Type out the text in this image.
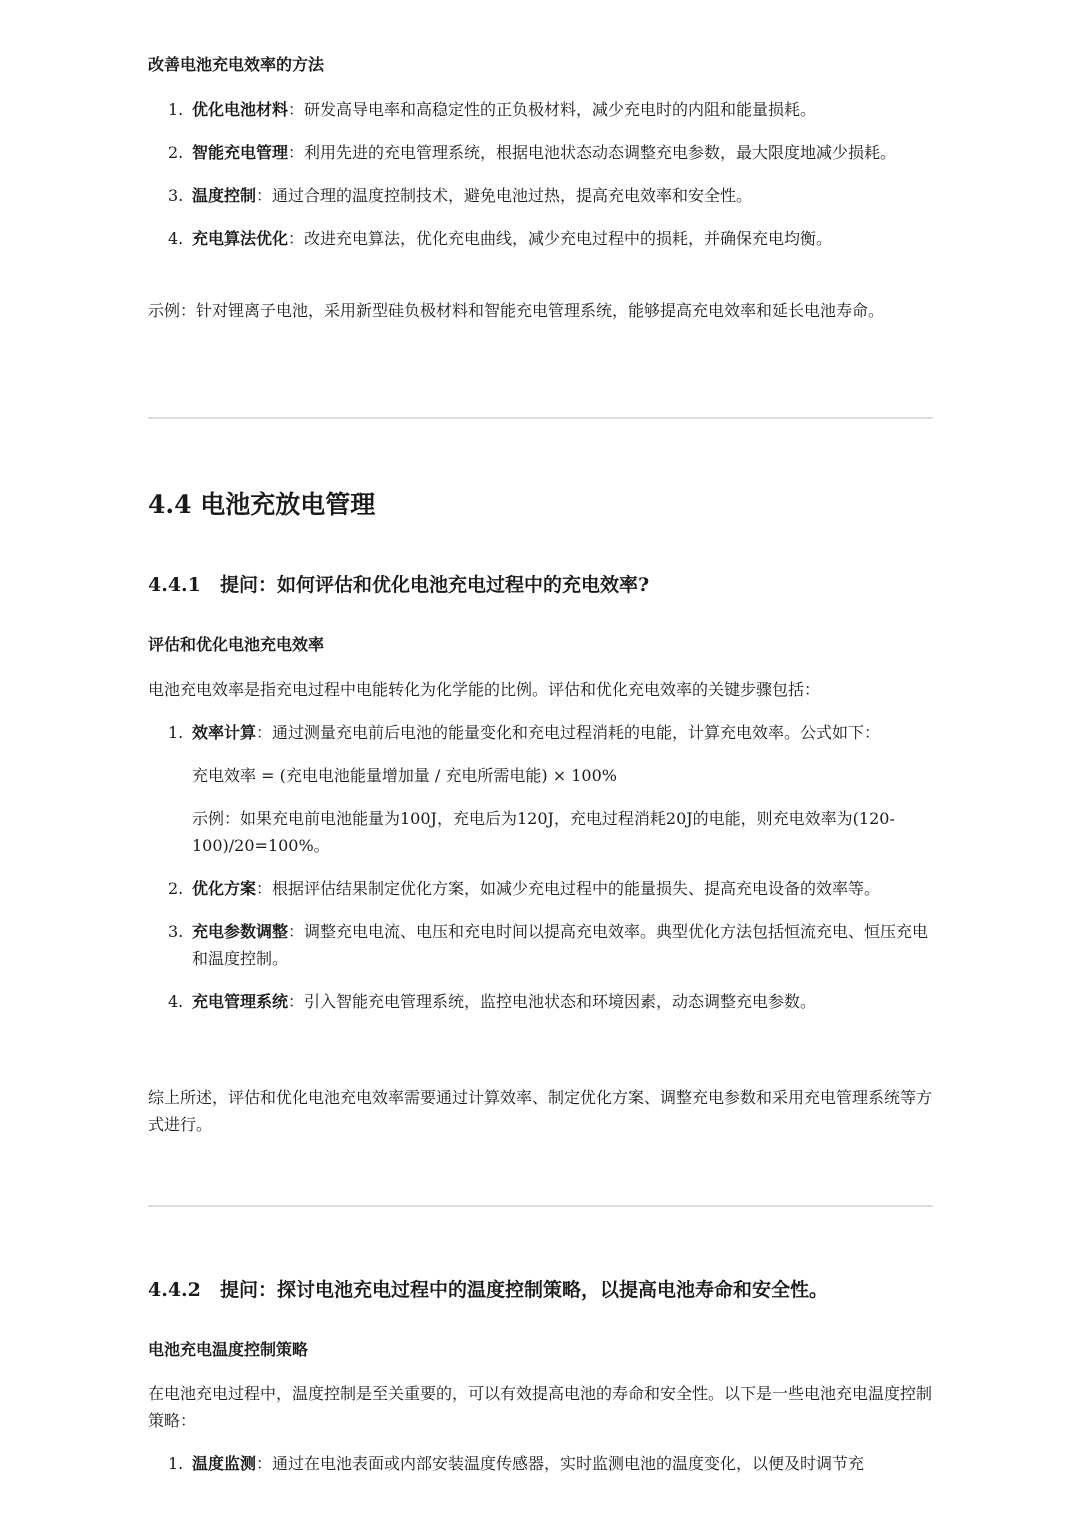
改善电池充电效率的方法
1. 优化电池材料：研发高导电率和高稳定性的正负极材料，减少充电时的内阻和能量损耗。
2. 智能充电管理：利用先进的充电管理系统，根据电池状态动态调整充电参数，最大限度地减少损耗。
3. 温度控制：通过合理的温度控制技术，避免电池过热，提高充电效率和安全性。
4. 充电算法优化：改进充电算法，优化充电曲线，减少充电过程中的损耗，并确保充电均衡。

示例：针对锂离子电池，采用新型硅负极材料和智能充电管理系统，能够提高充电效率和延长电池寿命。

4.4 电池充放电管理
4.4.1 提问：如何评估和优化电池充电过程中的充电效率?
评估和优化电池充电效率

电池充电效率是指充电过程中电能转化为化学能的比例。评估和优化充电效率的关键步骤包括：

1. 效率计算：通过测量充电前后电池的能量变化和充电过程消耗的电能，计算充电效率。公式如下：

充电效率 = (充电电池能量增加量 / 充电所需电能) × 100%

示例：如果充电前电池能量为100J，充电后为120J，充电过程消耗20J的电能，则充电效率为(120-100)/20=100%。

2. 优化方案：根据评估结果制定优化方案，如减少充电过程中的能量损失、提高充电设备的效率等。
3. 充电参数调整：调整充电电流、电压和充电时间以提高充电效率。典型优化方法包括恒流充电、恒压充电和温度控制。
4. 充电管理系统：引入智能充电管理系统，监控电池状态和环境因素，动态调整充电参数。

综上所述，评估和优化电池充电效率需要通过计算效率、制定优化方案、调整充电参数和采用充电管理系统等方式进行。

4.4.2 提问：探讨电池充电过程中的温度控制策略，以提高电池寿命和安全性。
电池充电温度控制策略

在电池充电过程中，温度控制是至关重要的，可以有效提高电池的寿命和安全性。以下是一些电池充电温度控制策略：

1. 温度监测：通过在电池表面或内部安装温度传感器，实时监测电池的温度变化，以便及时调节充
